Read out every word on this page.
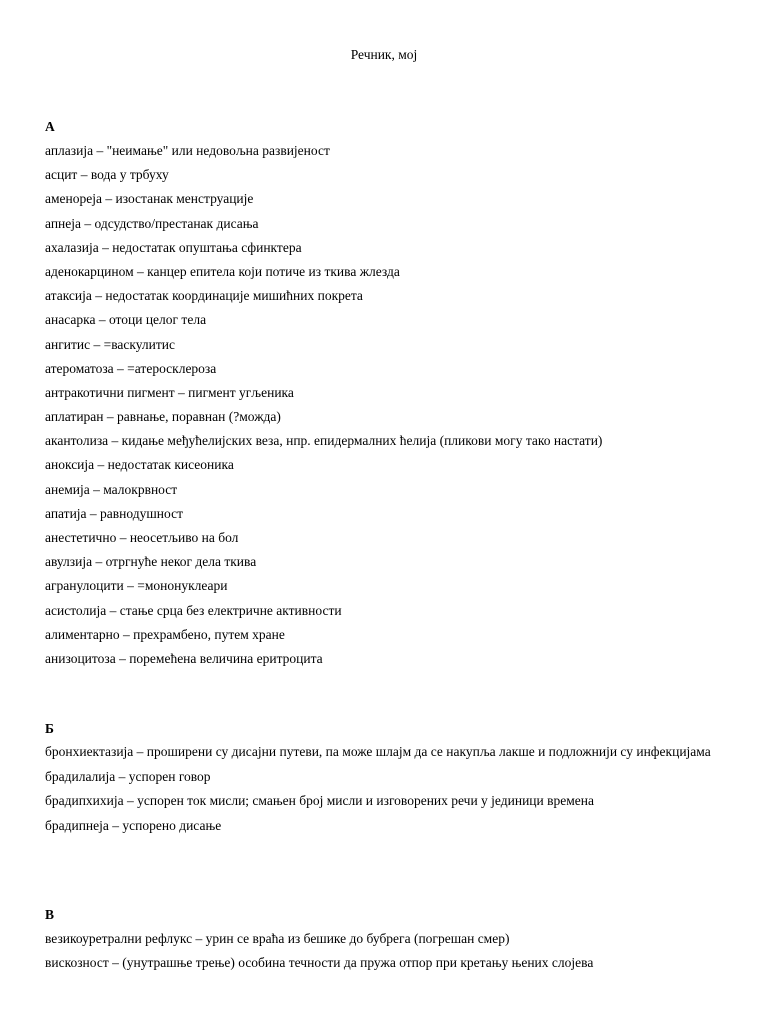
Речник, мој
А
аплазија – "неимање" или недовољна развијеност
асцит – вода у трбуху
аменореја – изостанак менструације
апнеја – одсудство/престанак дисања
ахалазија – недостатак опуштања сфинктера
аденокарцином – канцер епитела који потиче из ткива жлезда
атаксија – недостатак координације мишићних покрета
анасарка – отоци целог тела
ангитис – =васкулитис
атероматоза – =атеросклероза
антракотични пигмент – пигмент угљеника
аплатиран – равнање, поравнан (?можда)
акантолиза – кидање међућелијских веза, нпр. епидермалних ћелија (пликови могу тако настати)
аноксија – недостатак кисеоника
анемија – малокрвност
апатија – равнодушност
анестетично – неосетљиво на бол
авулзија – отргнуће неког дела ткива
агранулоцити – =мононуклеари
асистолија – стање срца без електричне активности
алиментарно – прехрамбено, путем хране
анизоцитоза – поремећена величина еритроцита
Б
бронхиектазија – проширени су дисајни путеви, па може шлајм да се накупља лакше и подложнији су инфекцијама
брадилалија – успорен говор
брадипхихија – успорен ток мисли; смањен број мисли и изговорених речи у јединици времена
брадипнеја – успорено дисање
В
везикоуретрални рефлукс – урин се враћа из бешике до бубрега (погрешан смер)
вискозност – (унутрашње трење) особина течности да пружа отпор при кретању њених слојева
